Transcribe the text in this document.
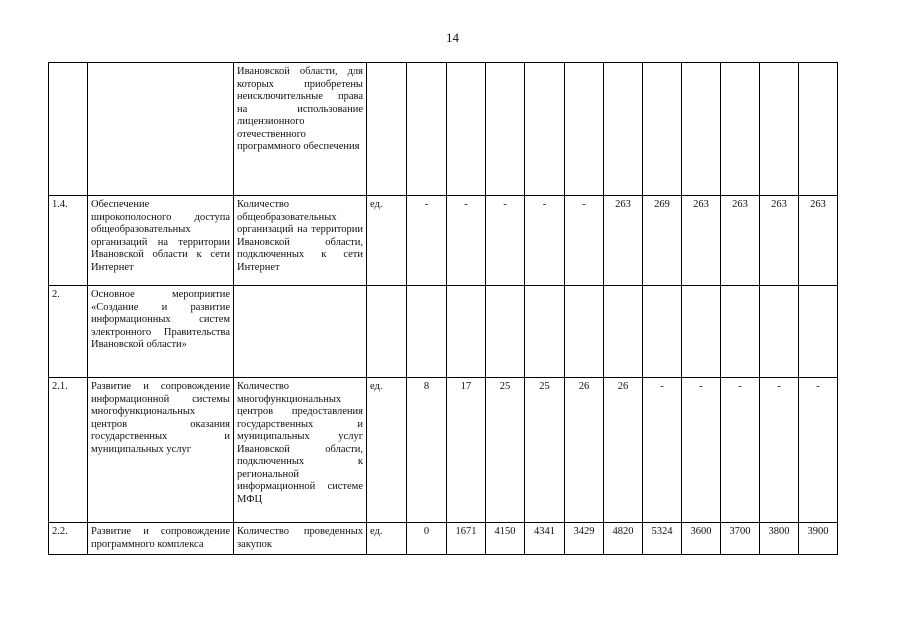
14
		Ивановской области, для которых приобретены неисключительные права на использование лицензионного отечественного программного обеспечения												
1.4.	Обеспечение широкополосного доступа общеобразовательных организаций на территории Ивановской области к сети Интернет	Количество общеобразовательных организаций на территории Ивановской области, подключенных к сети Интернет	ед.	-	-	-	-	-	263	269	263	263	263	263
2.	Основное мероприятие «Создание и развитие информационных систем электронного Правительства Ивановской области»													
2.1.	Развитие и сопровождение информационной системы многофункциональных центров оказания государственных и муниципальных услуг	Количество многофункциональных центров предоставления государственных и муниципальных услуг Ивановской области, подключенных к региональной информационной системе МФЦ	ед.	8	17	25	25	26	26	-	-	-	-	-
2.2.	Развитие и сопровождение программного комплекса	Количество проведенных закупок	ед.	0	1671	4150	4341	3429	4820	5324	3600	3700	3800	3900
